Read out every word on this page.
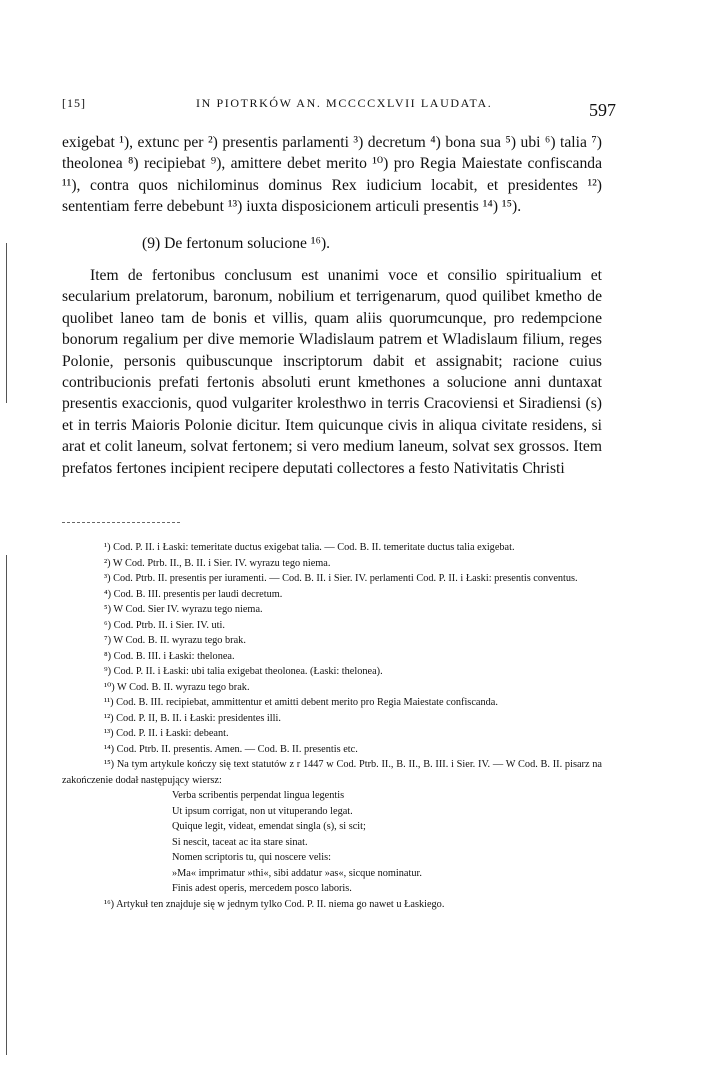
[15]	IN PIOTRKÓW AN. MCCCCXLVII LAUDATA.	597

exigebat ¹), extunc per ²) presentis parlamenti ³) decretum ⁴) bona sua ⁵) ubi ⁶) talia ⁷) theolonea ⁸) recipiebat ⁹), amittere debet merito ¹⁰) pro Regia Maiestate confiscanda ¹¹), contra quos nichilominus dominus Rex iudicium locabit, et presidentes ¹²) sententiam ferre debebunt ¹³) iuxta disposicionem articuli presentis ¹⁴) ¹⁵).

(9) De fertonum solucione ¹⁶).

Item de fertonibus conclusum est unanimi voce et consilio spiritualium et secularium prelatorum, baronum, nobilium et terrigenarum, quod quilibet kmetho de quolibet laneo tam de bonis et villis, quam aliis quorumcunque, pro redempcione bonorum regalium per dive memorie Wladislaum patrem et Wladislaum filium, reges Polonie, personis quibuscunque inscriptorum dabit et assignabit; racione cuius contribucionis prefati fertonis absoluti erunt kmethones a solucione anni duntaxat presentis exaccionis, quod vulgariter krolesthwo in terris Cracoviensi et Siradiensi (s) et in terris Maioris Polonie dicitur. Item quicunque civis in aliqua civitate residens, si arat et colit laneum, solvat fertonem; si vero medium laneum, solvat sex grossos. Item prefatos fertones incipient recipere deputati collectores a festo Nativitatis Christi

¹) Cod. P. II. i Łaski: temeritate ductus exigebat talia. — Cod. B. II. temeritate ductus talia exigebat.

²) W Cod. Ptrb. II., B. II. i Sier. IV. wyrazu tego niema.

³) Cod. Ptrb. II. presentis per iuramenti. — Cod. B. II. i Sier. IV. perlamenti Cod. P. II. i Łaski: presentis conventus.

⁴) Cod. B. III. presentis per laudi decretum.

⁵) W Cod. Sier IV. wyrazu tego niema.

⁶) Cod. Ptrb. II. i Sier. IV. uti.

⁷) W Cod. B. II. wyrazu tego brak.

⁸) Cod. B. III. i Łaski: thelonea.

⁹) Cod. P. II. i Łaski: ubi talia exigebat theolonea. (Łaski: thelonea).

¹⁰) W Cod. B. II. wyrazu tego brak.

¹¹) Cod. B. III. recipiebat, ammittentur et amitti debent merito pro Regia Maiestate confiscanda.

¹²) Cod. P. II, B. II. i Łaski: presidentes illi.

¹³) Cod. P. II. i Łaski: debeant.

¹⁴) Cod. Ptrb. II. presentis. Amen. — Cod. B. II. presentis etc.

¹⁵) Na tym artykule kończy się text statutów z r 1447 w Cod. Ptrb. II., B. II., B. III. i Sier. IV. — W Cod. B. II. pisarz na zakończenie dodał następujący wiersz:

Verba scribentis perpendat lingua legentis
Ut ipsum corrigat, non ut vituperando legat.
Quique legit, videat, emendat singla (s), si scit;
Si nescit, taceat ac ita stare sinat.
Nomen scriptoris tu, qui noscere velis:
»Ma« imprimatur »thi«, sibi addatur »as«, sicque nominatur.
Finis adest operis, mercedem posco laboris.

¹⁶) Artykuł ten znajduje się w jednym tylko Cod. P. II. niema go nawet u Łaskiego.
